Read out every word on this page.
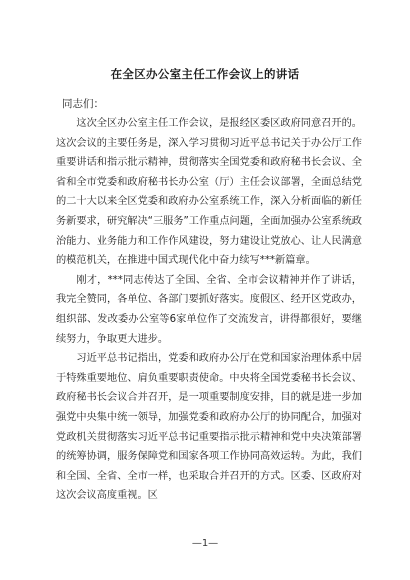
在全区办公室主任工作会议上的讲话
同志们：

这次全区办公室主任工作会议，是报经区委区政府同意召开的。这次会议的主要任务是，深入学习贯彻习近平总书记关于办公厅工作重要讲话和指示批示精神，贯彻落实全国党委和政府秘书长会议、全省和全市党委和政府秘书长办公室（厅）主任会议部署，全面总结党的二十大以来全区党委和政府办公室系统工作，深入分析面临的新任务新要求，研究解决“三服务”工作重点问题，全面加强办公室系统政治能力、业务能力和工作作风建设，努力建设让党放心、让人民满意的模范机关，在推进中国式现代化中奋力续写***新篇章。

刚才，***同志传达了全国、全省、全市会议精神并作了讲话，我完全赞同，各单位、各部门要抓好落实。度假区、经开区党政办，组织部、发改委办公室等6家单位作了交流发言，讲得都很好，要继续努力，争取更大进步。

习近平总书记指出，党委和政府办公厅在党和国家治理体系中居于特殊重要地位、肩负重要职责使命。中央将全国党委秘书长会议、政府秘书长会议合并召开，是一项重要制度安排，目的就是进一步加强党中央集中统一领导，加强党委和政府办公厅的协同配合，加强对党政机关贯彻落实习近平总书记重要指示批示精神和党中央决策部署的统筹协调，服务保障党和国家各项工作协同高效运转。为此，我们和全国、全省、全市一样，也采取合并召开的方式。区委、区政府对这次会议高度重视。区

—1—
